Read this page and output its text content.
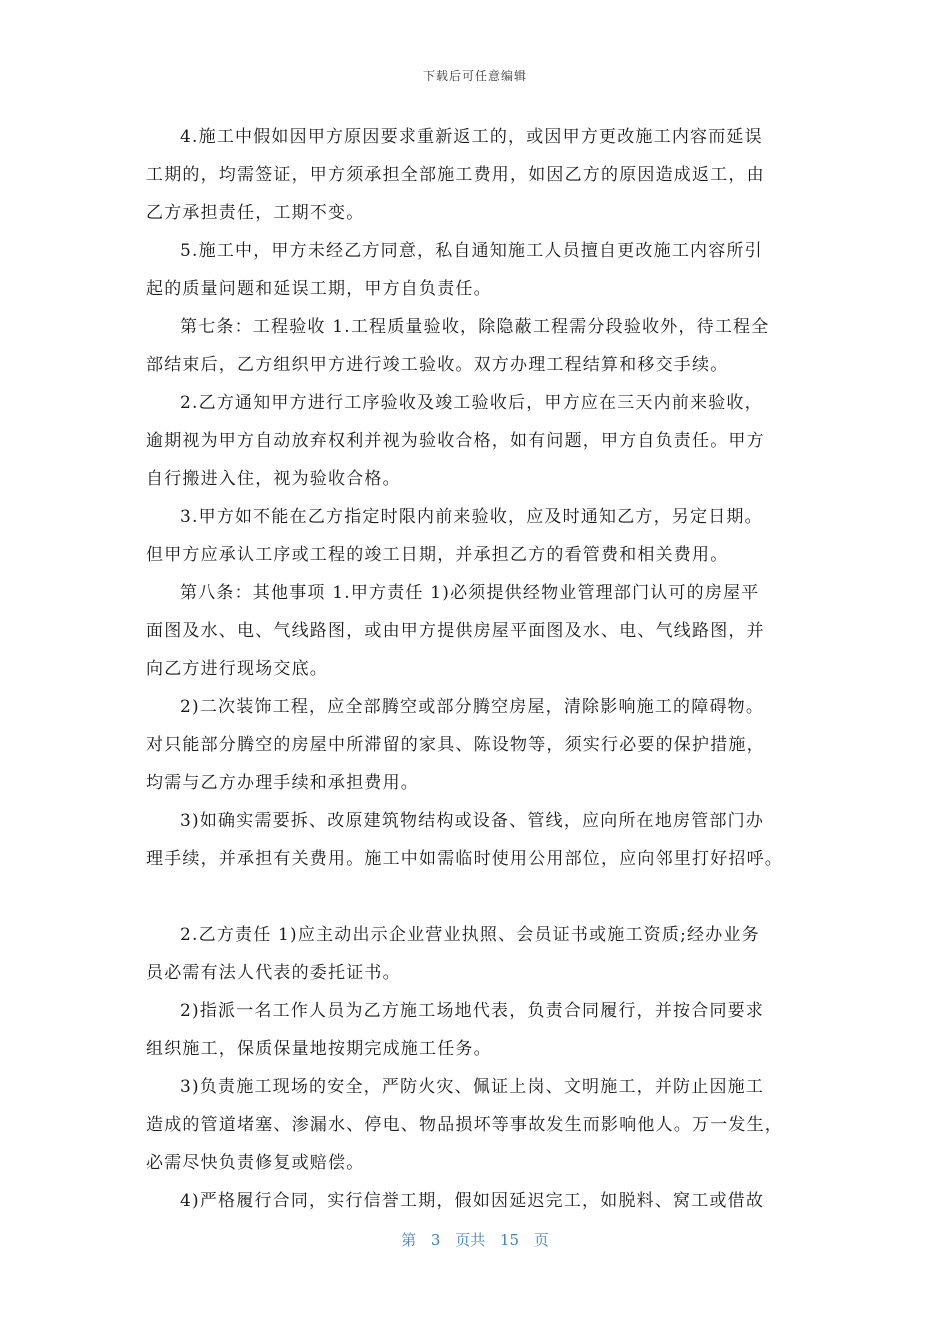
下载后可任意编辑

4.施工中假如因甲方原因要求重新返工的，或因甲方更改施工内容而延误
工期的，均需签证，甲方须承担全部施工费用，如因乙方的原因造成返工，由
乙方承担责任，工期不变。

5.施工中，甲方未经乙方同意，私自通知施工人员擅自更改施工内容所引
起的质量问题和延误工期，甲方自负责任。

第七条：工程验收 1.工程质量验收，除隐蔽工程需分段验收外，待工程全
部结束后，乙方组织甲方进行竣工验收。双方办理工程结算和移交手续。

2.乙方通知甲方进行工序验收及竣工验收后，甲方应在三天内前来验收，
逾期视为甲方自动放弃权利并视为验收合格，如有问题，甲方自负责任。甲方
自行搬进入住，视为验收合格。

3.甲方如不能在乙方指定时限内前来验收，应及时通知乙方，另定日期。
但甲方应承认工序或工程的竣工日期，并承担乙方的看管费和相关费用。

第八条：其他事项 1.甲方责任 1)必须提供经物业管理部门认可的房屋平
面图及水、电、气线路图，或由甲方提供房屋平面图及水、电、气线路图，并
向乙方进行现场交底。

2)二次装饰工程，应全部腾空或部分腾空房屋，清除影响施工的障碍物。
对只能部分腾空的房屋中所滞留的家具、陈设物等，须实行必要的保护措施，
均需与乙方办理手续和承担费用。

3)如确实需要拆、改原建筑物结构或设备、管线，应向所在地房管部门办
理手续，并承担有关费用。施工中如需临时使用公用部位，应向邻里打好招呼。

2.乙方责任 1)应主动出示企业营业执照、会员证书或施工资质;经办业务
员必需有法人代表的委托证书。

2)指派一名工作人员为乙方施工场地代表，负责合同履行，并按合同要求
组织施工，保质保量地按期完成施工任务。

3)负责施工现场的安全，严防火灾、佩证上岗、文明施工，并防止因施工
造成的管道堵塞、渗漏水、停电、物品损坏等事故发生而影响他人。万一发生，
必需尽快负责修复或赔偿。

4)严格履行合同，实行信誉工期，假如因延迟完工，如脱料、窝工或借故

第 3 页共 15 页
